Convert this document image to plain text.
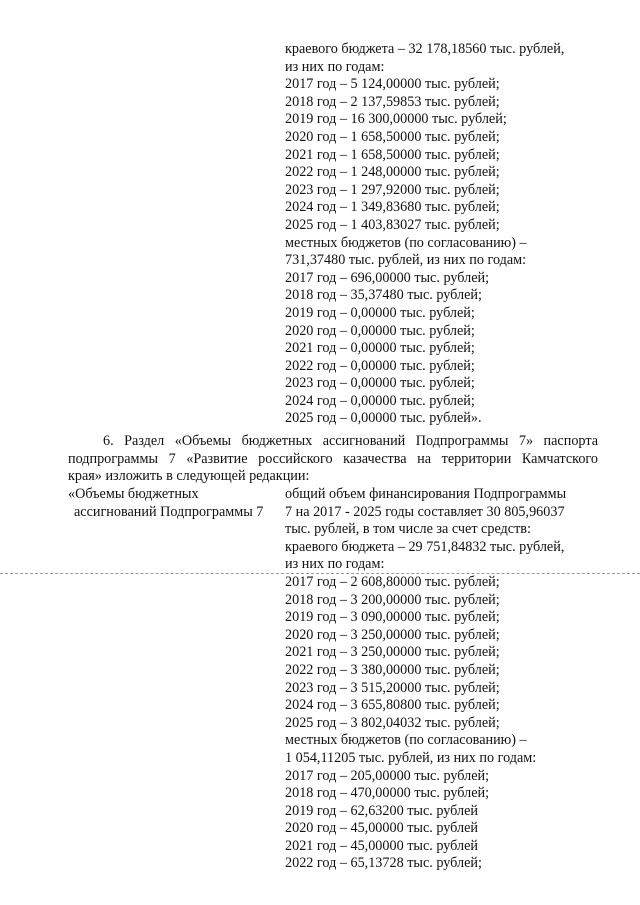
краевого бюджета – 32 178,18560 тыс. рублей,
из них по годам:
2017 год – 5 124,00000 тыс. рублей;
2018 год – 2 137,59853 тыс. рублей;
2019 год – 16 300,00000 тыс. рублей;
2020 год – 1 658,50000 тыс. рублей;
2021 год – 1 658,50000 тыс. рублей;
2022 год – 1 248,00000 тыс. рублей;
2023 год – 1 297,92000 тыс. рублей;
2024 год – 1 349,83680 тыс. рублей;
2025 год – 1 403,83027 тыс. рублей;
местных бюджетов (по согласованию) –
731,37480 тыс. рублей, из них по годам:
2017 год – 696,00000 тыс. рублей;
2018 год – 35,37480 тыс. рублей;
2019 год – 0,00000 тыс. рублей;
2020 год – 0,00000 тыс. рублей;
2021 год – 0,00000 тыс. рублей;
2022 год – 0,00000 тыс. рублей;
2023 год – 0,00000 тыс. рублей;
2024 год – 0,00000 тыс. рублей;
2025 год – 0,00000 тыс. рублей».
6. Раздел «Объемы бюджетных ассигнований Подпрограммы 7» паспорта
подпрограммы 7 «Развитие российского казачества на территории Камчатского
края» изложить в следующей редакции:
«Объемы бюджетных
ассигнований Подпрограммы 7
общий объем финансирования Подпрограммы
7 на 2017 - 2025 годы составляет 30 805,96037
тыс. рублей, в том числе за счет средств:
краевого бюджета – 29 751,84832 тыс. рублей,
из них по годам:
2017 год – 2 608,80000 тыс. рублей;
2018 год – 3 200,00000 тыс. рублей;
2019 год – 3 090,00000 тыс. рублей;
2020 год – 3 250,00000 тыс. рублей;
2021 год – 3 250,00000 тыс. рублей;
2022 год – 3 380,00000 тыс. рублей;
2023 год – 3 515,20000 тыс. рублей;
2024 год – 3 655,80800 тыс. рублей;
2025 год – 3 802,04032 тыс. рублей;
местных бюджетов (по согласованию) –
1 054,11205 тыс. рублей, из них по годам:
2017 год – 205,00000 тыс. рублей;
2018 год – 470,00000 тыс. рублей;
2019 год – 62,63200 тыс. рублей
2020 год – 45,00000 тыс. рублей
2021 год – 45,00000 тыс. рублей
2022 год – 65,13728 тыс. рублей;
